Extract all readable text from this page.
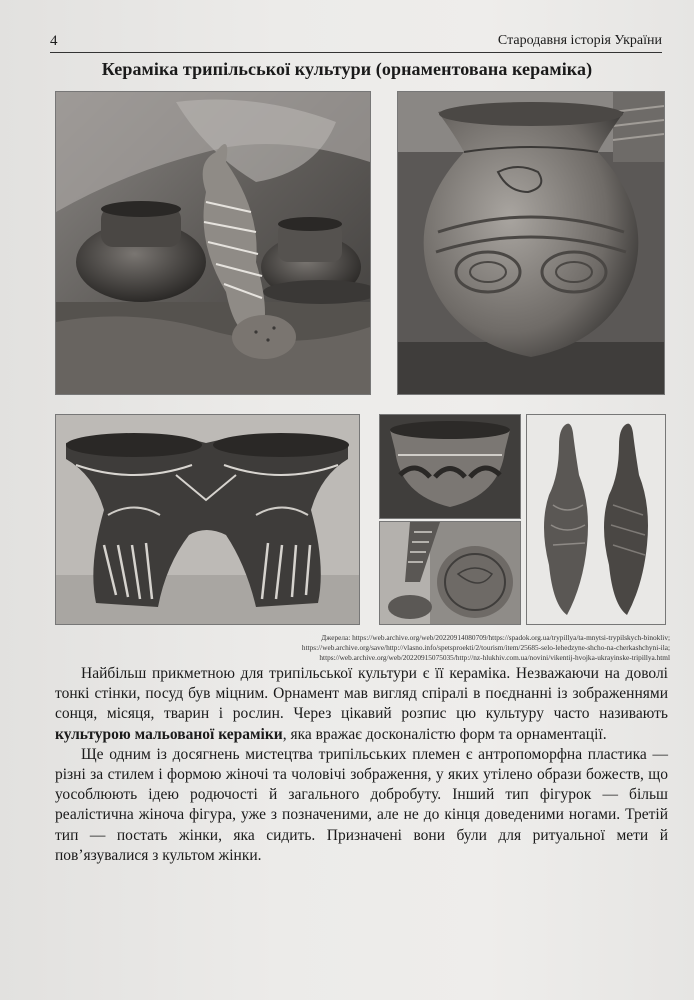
4	Стародавня історія України
Кераміка трипільської культури (орнаментована кераміка)
Джерела: https://web.archive.org/web/20220914080709/https://spadok.org.ua/trypillya/ta-mnytsi-trypilskych-binokliv;
https://web.archive.org/save/http://vlasno.info/spetsproekti/2/tourism/item/25685-selo-lehedzyne-shcho-na-cherkashchyni-ila;
https://web.archive.org/web/20220915075035/http://nz-hlukhiv.com.ua/novini/vikentij-hvojka-ukrayinske-tripillya.html

Найбільш прикметною для трипільської культури є її кераміка. Незважаючи на доволі тонкі стінки, посуд був міцним. Орнамент мав вигляд спіралі в поєднанні із зображеннями сонця, місяця, тварин і рослин. Через цікавий розпис цю культуру часто називають культурою мальованої кераміки, яка вражає досконалістю форм та орнаментації.

Ще одним із досягнень мистецтва трипільських племен є антропоморфна пластика — різні за стилем і формою жіночі та чоловічі зображення, у яких утілено образи божеств, що уособлюють ідею родючості й загального добробуту. Інший тип фігурок — більш реалістична жіноча фігура, уже з позначеними, але не до кінця доведеними ногами. Третій тип — постать жінки, яка сидить. Призначені вони були для ритуальної мети й пов’язувалися з культом жінки.
